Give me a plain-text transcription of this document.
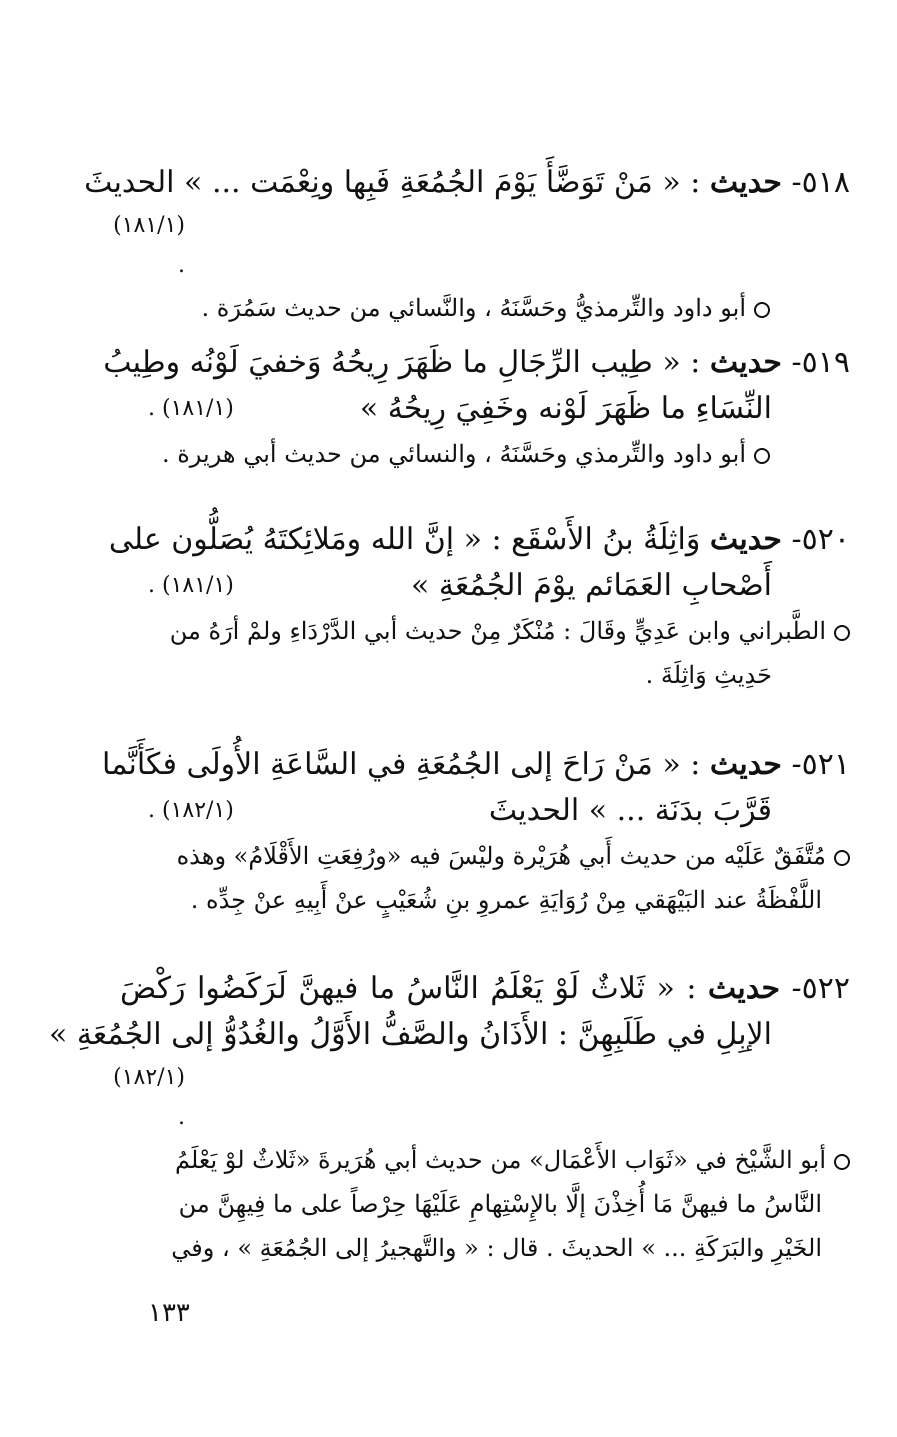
٥١٨- حديث : « مَنْ تَوَضَّأَ يَوْمَ الجُمُعَةِ فَبِها ونِعْمَت ... » الحديثَ
(١٨١/١) .
أبو داود والتِّرمذيُّ وحَسَّنَهُ ، والنَّسائي من حديث سَمُرَة .
٥١٩- حديث : « طِيب الرِّجَالِ ما ظَهَرَ رِيحُهُ وَخفيَ لَوْنُه وطِيبُ
النِّسَاءِ ما ظَهَرَ لَوْنه وخَفِيَ رِيحُهُ »
(١٨١/١) .
أبو داود والتِّرمذي وحَسَّنَهُ ، والنسائي من حديث أبي هريرة .
٥٢٠- حديث وَاثِلَةُ بنُ الأَسْقَع : « إنَّ الله ومَلائِكتَهُ يُصَلُّون على
أَصْحابِ العَمَائم يوْمَ الجُمُعَةِ »
(١٨١/١) .
الطَّبراني وابن عَدِيٍّ وقَالَ : مُنْكَرٌ مِنْ حديث أبي الدَّرْدَاءِ ولمْ أرَهُ من
حَدِيثِ وَاثِلَةَ .
٥٢١- حديث : « مَنْ رَاحَ إلى الجُمُعَةِ في السَّاعَةِ الأُولَى فكَأَنَّما
قَرَّبَ بدَنَة ... » الحديثَ
(١٨٢/١) .
مُتَّفَقٌ عَلَيْه من حديث أَبي هُرَيْرة وليْسَ فيه «ورُفِعَتِ الأَقْلَامُ» وهذه
اللَّفْظَةُ عند البَيْهَقي مِنْ رُوَايَةِ عمروِ بنِ شُعَيْبٍ عنْ أَبِيهِ عنْ جِدِّه .
٥٢٢- حديث : « ثَلاثٌ لَوْ يَعْلَمُ النَّاسُ ما فيهنَّ لَرَكَضُوا رَكْضَ
الإبِلِ في طَلَبِهِنَّ : الأَذَانُ والصَّفُّ الأَوَّلُ والغُدُوُّ إلى الجُمُعَةِ »
(١٨٢/١) .
أبو الشَّيْخ في «ثَوَاب الأَعْمَال» من حديث أبي هُرَيرةَ «ثَلاثٌ لوْ يَعْلَمُ
النَّاسُ ما فيهنَّ مَا أُخِذْنَ إلَّا بالإِسْتِهامِ عَلَيْهَا حِرْصاً على ما فِيهِنَّ من
الخَيْرِ والبَرَكَةِ ... » الحديثَ . قال : « والتَّهجيرُ إلى الجُمُعَةِ » ، وفي
١٣٣
